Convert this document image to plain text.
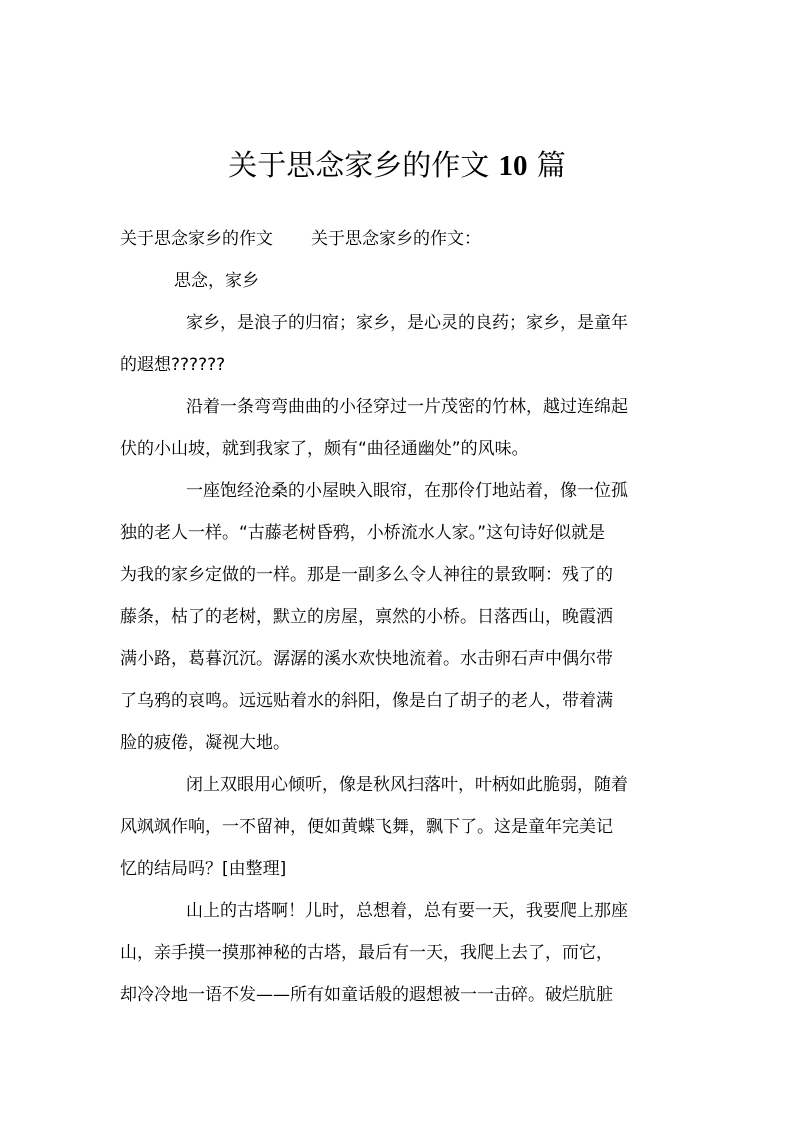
关于思念家乡的作文 10 篇
关于思念家乡的作文 关于思念家乡的作文：
思念，家乡
家乡，是浪子的归宿；家乡，是心灵的良药；家乡，是童年
的遐想??????
沿着一条弯弯曲曲的小径穿过一片茂密的竹林，越过连绵起
伏的小山坡，就到我家了，颇有“曲径通幽处”的风味。
一座饱经沧桑的小屋映入眼帘，在那伶仃地站着，像一位孤
独的老人一样。“古藤老树昏鸦，小桥流水人家。”这句诗好似就是
为我的家乡定做的一样。那是一副多么令人神往的景致啊：残了的
藤条，枯了的老树，默立的房屋，禀然的小桥。日落西山，晚霞洒
满小路，葛暮沉沉。潺潺的溪水欢快地流着。水击卵石声中偶尔带
了乌鸦的哀鸣。远远贴着水的斜阳，像是白了胡子的老人，带着满
脸的疲倦，凝视大地。
闭上双眼用心倾听，像是秋风扫落叶，叶柄如此脆弱，随着
风飒飒作响，一不留神，便如黄蝶飞舞，飘下了。这是童年完美记
忆的结局吗？[由整理]
山上的古塔啊！儿时，总想着，总有要一天，我要爬上那座
山，亲手摸一摸那神秘的古塔，最后有一天，我爬上去了，而它，
却冷冷地一语不发——所有如童话般的遐想被一一击碎。破烂肮脏
